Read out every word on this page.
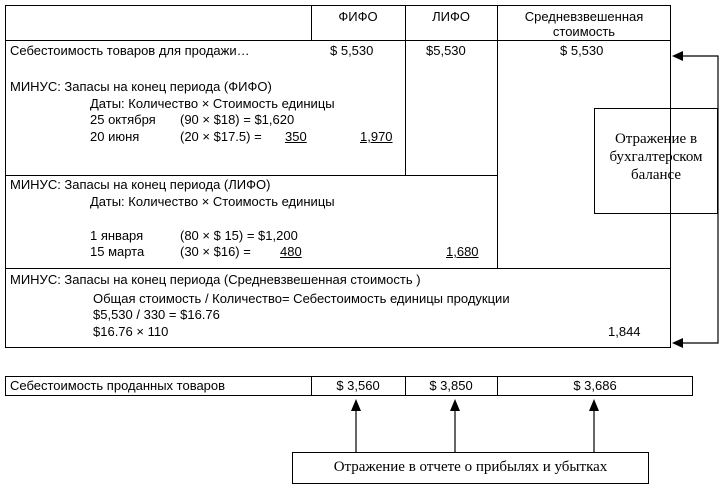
ФИФО	ЛИФО	Средневзвешенная
стоимость
Себестоимость товаров для продажи…	$ 5,530	$5,530	$ 5,530
МИНУС: Запасы на конец периода (ФИФО)
Даты: Количество × Стоимость единицы
25 октября (90 × $18) = $1,620
20 июня	(20 × $17.5) = 350	1,970
МИНУС: Запасы на конец периода (ЛИФО)
Даты: Количество × Стоимость единицы
1 января	(80 × $ 15) = $1,200
15 марта	(30 × $16) = 480	1,680
МИНУС: Запасы на конец периода (Средневзвешенная стоимость )
Общая стоимость / Количество= Себестоимость единицы продукции
$5,530 / 330 = $16.76
$16.76 × 110	1,844
Отражение в
бухгалтерском
балансе
Себестоимость проданных товаров	$ 3,560	$ 3,850	$ 3,686
Отражение в отчете о прибылях и убытках
